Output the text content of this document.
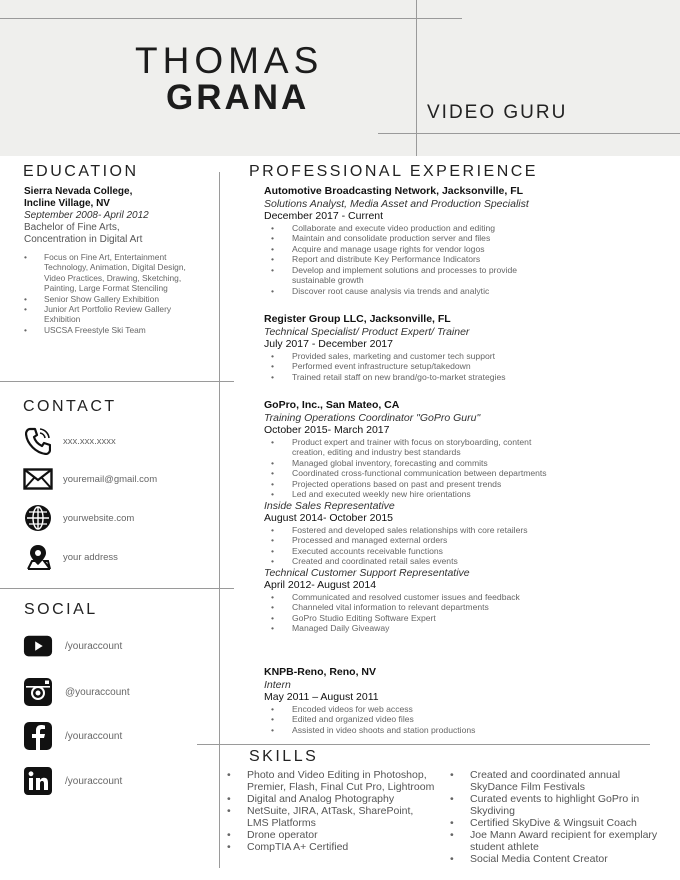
THOMAS
GRANA	VIDEO GURU
EDUCATION
Sierra Nevada College,
Incline Village, NV
September 2008- April 2012
Bachelor of Fine Arts,
Concentration in Digital Art
• Focus on Fine Art, Entertainment Technology, Animation, Digital Design, Video Practices, Drawing, Sketching, Painting, Large Format Stenciling
• Senior Show Gallery Exhibition
• Junior Art Portfolio Review Gallery Exhibition
• USCSA Freestyle Ski Team
CONTACT
xxx.xxx.xxxx
youremail@gmail.com
yourwebsite.com
your address
SOCIAL
/youraccount
@youraccount
/youraccount
/youraccount
PROFESSIONAL EXPERIENCE
Automotive Broadcasting Network, Jacksonville, FL
Solutions Analyst, Media Asset and Production Specialist
December 2017 - Current
• Collaborate and execute video production and editing
• Maintain and consolidate production server and files
• Acquire and manage usage rights for vendor logos
• Report and distribute Key Performance Indicators
• Develop and implement solutions and processes to provide sustainable growth
• Discover root cause analysis via trends and analytic
Register Group LLC, Jacksonville, FL
Technical Specialist/ Product Expert/ Trainer
July 2017 - December 2017
• Provided sales, marketing and customer tech support
• Performed event infrastructure setup/takedown
• Trained retail staff on new brand/go-to-market strategies
GoPro, Inc., San Mateo, CA
Training Operations Coordinator "GoPro Guru"
October 2015- March 2017
• Product expert and trainer with focus on storyboarding, content creation, editing and industry best standards
• Managed global inventory, forecasting and commits
• Coordinated cross-functional communication between departments
• Projected operations based on past and present trends
• Led and executed weekly new hire orientations
Inside Sales Representative
August 2014- October 2015
• Fostered and developed sales relationships with core retailers
• Processed and managed external orders
• Executed accounts receivable functions
• Created and coordinated retail sales events
Technical Customer Support Representative
April 2012- August 2014
• Communicated and resolved customer issues and feedback
• Channeled vital information to relevant departments
• GoPro Studio Editing Software Expert
• Managed Daily Giveaway
KNPB-Reno, Reno, NV
Intern
May 2011 – August 2011
• Encoded videos for web access
• Edited and organized video files
• Assisted in video shoots and station productions
SKILLS
• Photo and Video Editing in Photoshop, Premier, Flash, Final Cut Pro, Lightroom
• Digital and Analog Photography
• NetSuite, JIRA, AtTask, SharePoint, LMS Platforms
• Drone operator
• CompTIA A+ Certified
• Created and coordinated annual SkyDance Film Festivals
• Curated events to highlight GoPro in Skydiving
• Certified SkyDive & Wingsuit Coach
• Joe Mann Award recipient for exemplary student athlete
• Social Media Content Creator
